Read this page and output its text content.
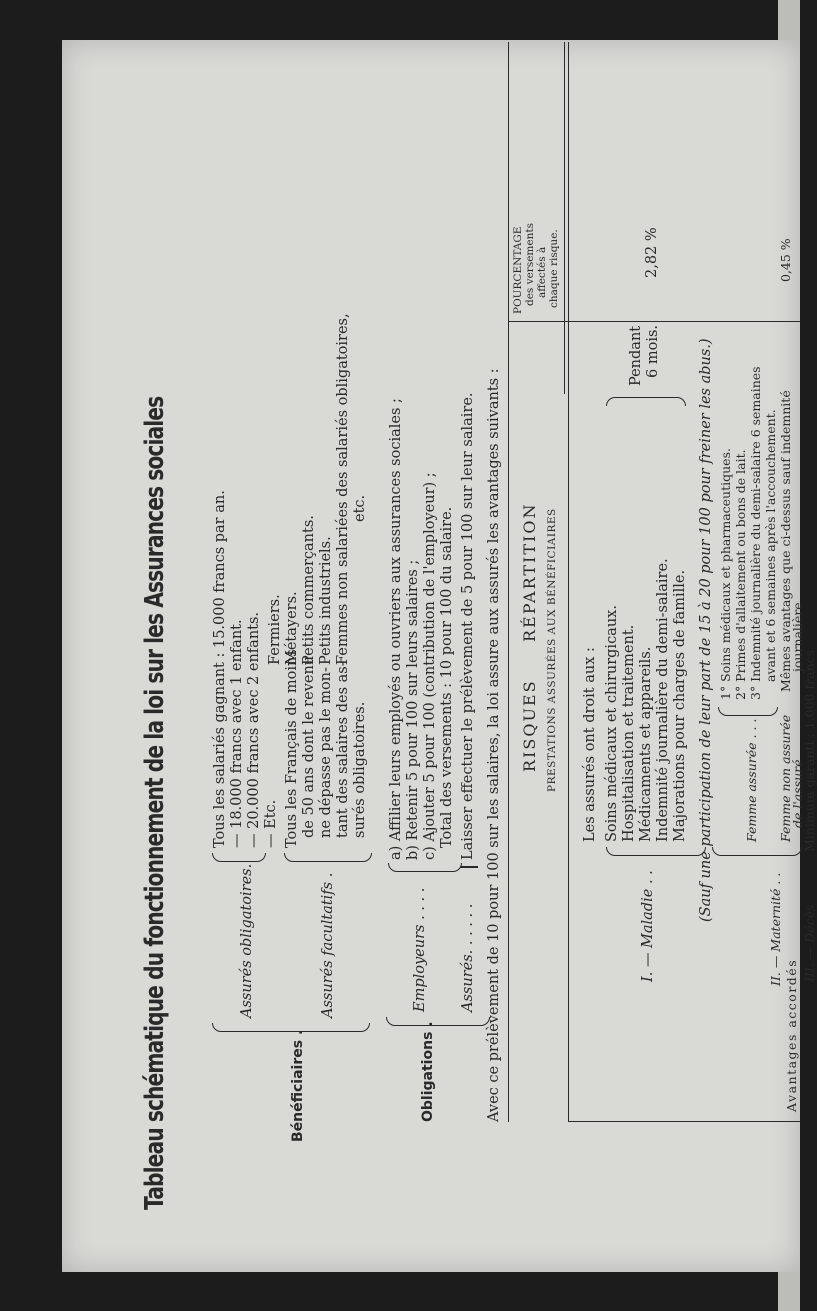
Tableau schématique du fonctionnement de la loi sur les Assurances sociales	Bénéficiaires .
Assurés obligatoires.
Tous les salariés gagnant : 15.000 francs par an. — 18.000 francs avec 1 enfant. — 20.000 francs avec 2 enfants. — Etc.
Assurés facultatifs .
Tous les Français de moins de 50 ans dont le revenu ne dépasse pas le mon- tant des salaires des as- surés obligatoires.
Fermiers. Métayers. Petits commerçants. Petits industriels. Femmes non salariées des salariés obligatoires, etc.
Obligations .
Employeurs . . . .
a) Affilier leurs employés ou ouvriers aux assurances sociales ; b) Retenir 5 pour 100 sur leurs salaires ; c) Ajouter 5 pour 100 (contribution de l'employeur) ; Total des versements : 10 pour 100 du salaire.
Assurés. . . . . .
Laisser effectuer le prélèvement de 5 pour 100 sur leur salaire. Avec ce prélèvement de 10 pour 100 sur les salaires, la loi assure aux assurés les avantages suivants : RISQUES
RÉPARTITION PRESTATIONS ASSURÉES AUX BÉNÉFICIAIRES
POURCENTAGE des versements affectés à chaque risque.
I. — Maladie . .
Les assurés ont droit aux : Soins médicaux et chirurgicaux. Hospitalisation et traitement. Médicaments et appareils. Indemnité journalière du demi-salaire. Majorations pour charges de famille.
Pendant 6 mois.
2,82 %
(Sauf une participation de leur part de 15 à 20 pour 100 pour freiner les abus.)
II. — Maternité . .
Femme assurée . . .
1° Soins médicaux et pharmaceutiques. 2° Primes d'allaitement ou bons de lait. 3° Indemnité journalière du demi-salaire 6 semaines avant et 6 semaines après l'accouchement.
Femme non assurée
de l'assuré
Mêmes avantages que ci-dessus sauf indemnité
journalière
0,45 %
III. — Décès
Minimum garanti : 1.000 francs.
Avantages accordés
